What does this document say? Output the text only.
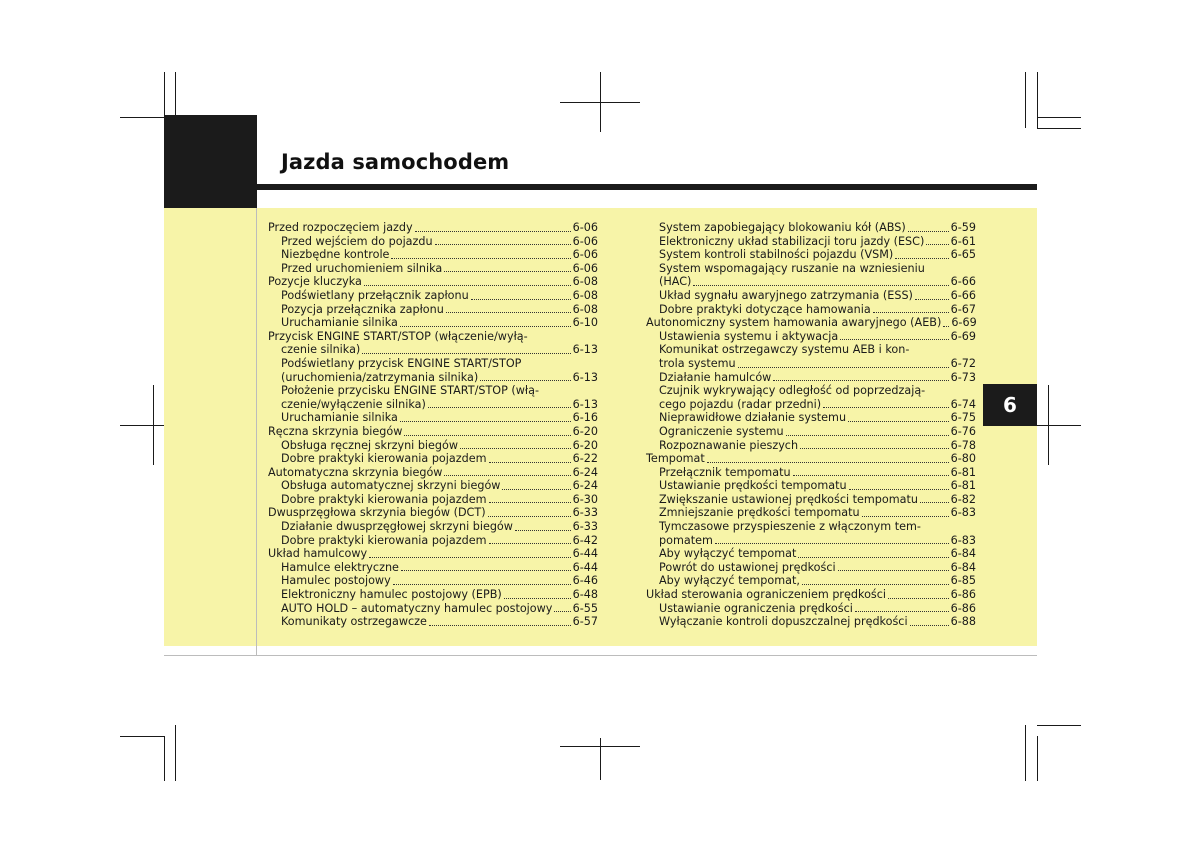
Jazda samochodem
6
Przed rozpoczęciem jazdy	6-06
Przed wejściem do pojazdu	6-06
Niezbędne kontrole	6-06
Przed uruchomieniem silnika	6-06
Pozycje kluczyka	6-08
Podświetlany przełącznik zapłonu	6-08
Pozycja przełącznika zapłonu	6-08
Uruchamianie silnika	6-10
Przycisk ENGINE START/STOP (włączenie/wyłą-
czenie silnika)	6-13
Podświetlany przycisk ENGINE START/STOP
(uruchomienia/zatrzymania silnika)	6-13
Położenie przycisku ENGINE START/STOP (włą-
czenie/wyłączenie silnika)	6-13
Uruchamianie silnika	6-16
Ręczna skrzynia biegów	6-20
Obsługa ręcznej skrzyni biegów	6-20
Dobre praktyki kierowania pojazdem	6-22
Automatyczna skrzynia biegów	6-24
Obsługa automatycznej skrzyni biegów	6-24
Dobre praktyki kierowania pojazdem	6-30
Dwusprzęgłowa skrzynia biegów (DCT)	6-33
Działanie dwusprzęgłowej skrzyni biegów	6-33
Dobre praktyki kierowania pojazdem	6-42
Układ hamulcowy	6-44
Hamulce elektryczne	6-44
Hamulec postojowy	6-46
Elektroniczny hamulec postojowy (EPB)	6-48
AUTO HOLD – automatyczny hamulec postojowy 6-55
Komunikaty ostrzegawcze	6-57
System zapobiegający blokowaniu kół (ABS)	6-59
Elektroniczny układ stabilizacji toru jazdy (ESC) 6-61
System kontroli stabilności pojazdu (VSM)	6-65
System wspomagający ruszanie na wzniesieniu
(HAC)	6-66
Układ sygnału awaryjnego zatrzymania (ESS)	6-66
Dobre praktyki dotyczące hamowania	6-67
Autonomiczny system hamowania awaryjnego (AEB) 6-69
Ustawienia systemu i aktywacja	6-69
Komunikat ostrzegawczy systemu AEB i kon-
trola systemu	6-72
Działanie hamulców	6-73
Czujnik wykrywający odległość od poprzedzają-
cego pojazdu (radar przedni)	6-74
Nieprawidłowe działanie systemu	6-75
Ograniczenie systemu	6-76
Rozpoznawanie pieszych	6-78
Tempomat	6-80
Przełącznik tempomatu	6-81
Ustawianie prędkości tempomatu	6-81
Zwiększanie ustawionej prędkości tempomatu	6-82
Zmniejszanie prędkości tempomatu	6-83
Tymczasowe przyspieszenie z włączonym tem-
pomatem	6-83
Aby wyłączyć tempomat	6-84
Powrót do ustawionej prędkości	6-84
Aby wyłączyć tempomat,	6-85
Układ sterowania ograniczeniem prędkości	6-86
Ustawianie ograniczenia prędkości	6-86
Wyłączanie kontroli dopuszczalnej prędkości	6-88
